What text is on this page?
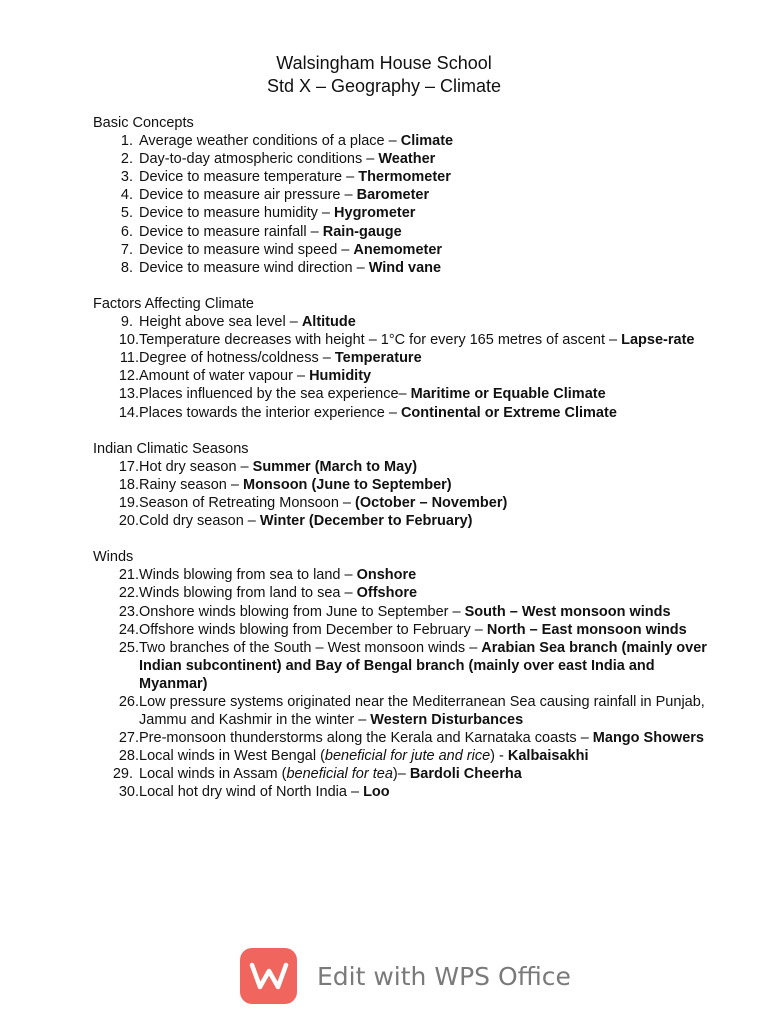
Walsingham House School
Std X – Geography – Climate
Basic Concepts
1. Average weather conditions of a place – Climate
2. Day-to-day atmospheric conditions – Weather
3. Device to measure temperature – Thermometer
4. Device to measure air pressure – Barometer
5. Device to measure humidity – Hygrometer
6. Device to measure rainfall – Rain-gauge
7. Device to measure wind speed – Anemometer
8. Device to measure wind direction – Wind vane
Factors Affecting Climate
9. Height above sea level – Altitude
10. Temperature decreases with height – 1°C for every 165 metres of ascent – Lapse-rate
11. Degree of hotness/coldness – Temperature
12. Amount of water vapour – Humidity
13. Places influenced by the sea experience– Maritime or Equable Climate
14. Places towards the interior experience – Continental or Extreme Climate
Indian Climatic Seasons
17. Hot dry season – Summer (March to May)
18. Rainy season – Monsoon (June to September)
19. Season of Retreating Monsoon – (October – November)
20. Cold dry season – Winter (December to February)
Winds
21. Winds blowing from sea to land – Onshore
22. Winds blowing from land to sea – Offshore
23. Onshore winds blowing from June to September – South – West monsoon winds
24. Offshore winds blowing from December to February – North – East monsoon winds
25. Two branches of the South – West monsoon winds – Arabian Sea branch (mainly over Indian subcontinent) and Bay of Bengal branch (mainly over east India and Myanmar)
26. Low pressure systems originated near the Mediterranean Sea causing rainfall in Punjab, Jammu and Kashmir in the winter – Western Disturbances
27. Pre-monsoon thunderstorms along the Kerala and Karnataka coasts – Mango Showers
28. Local winds in West Bengal (beneficial for jute and rice) - Kalbaisakhi
29. Local winds in Assam (beneficial for tea)– Bardoli Cheerha
30. Local hot dry wind of North India – Loo
Edit with WPS Office
